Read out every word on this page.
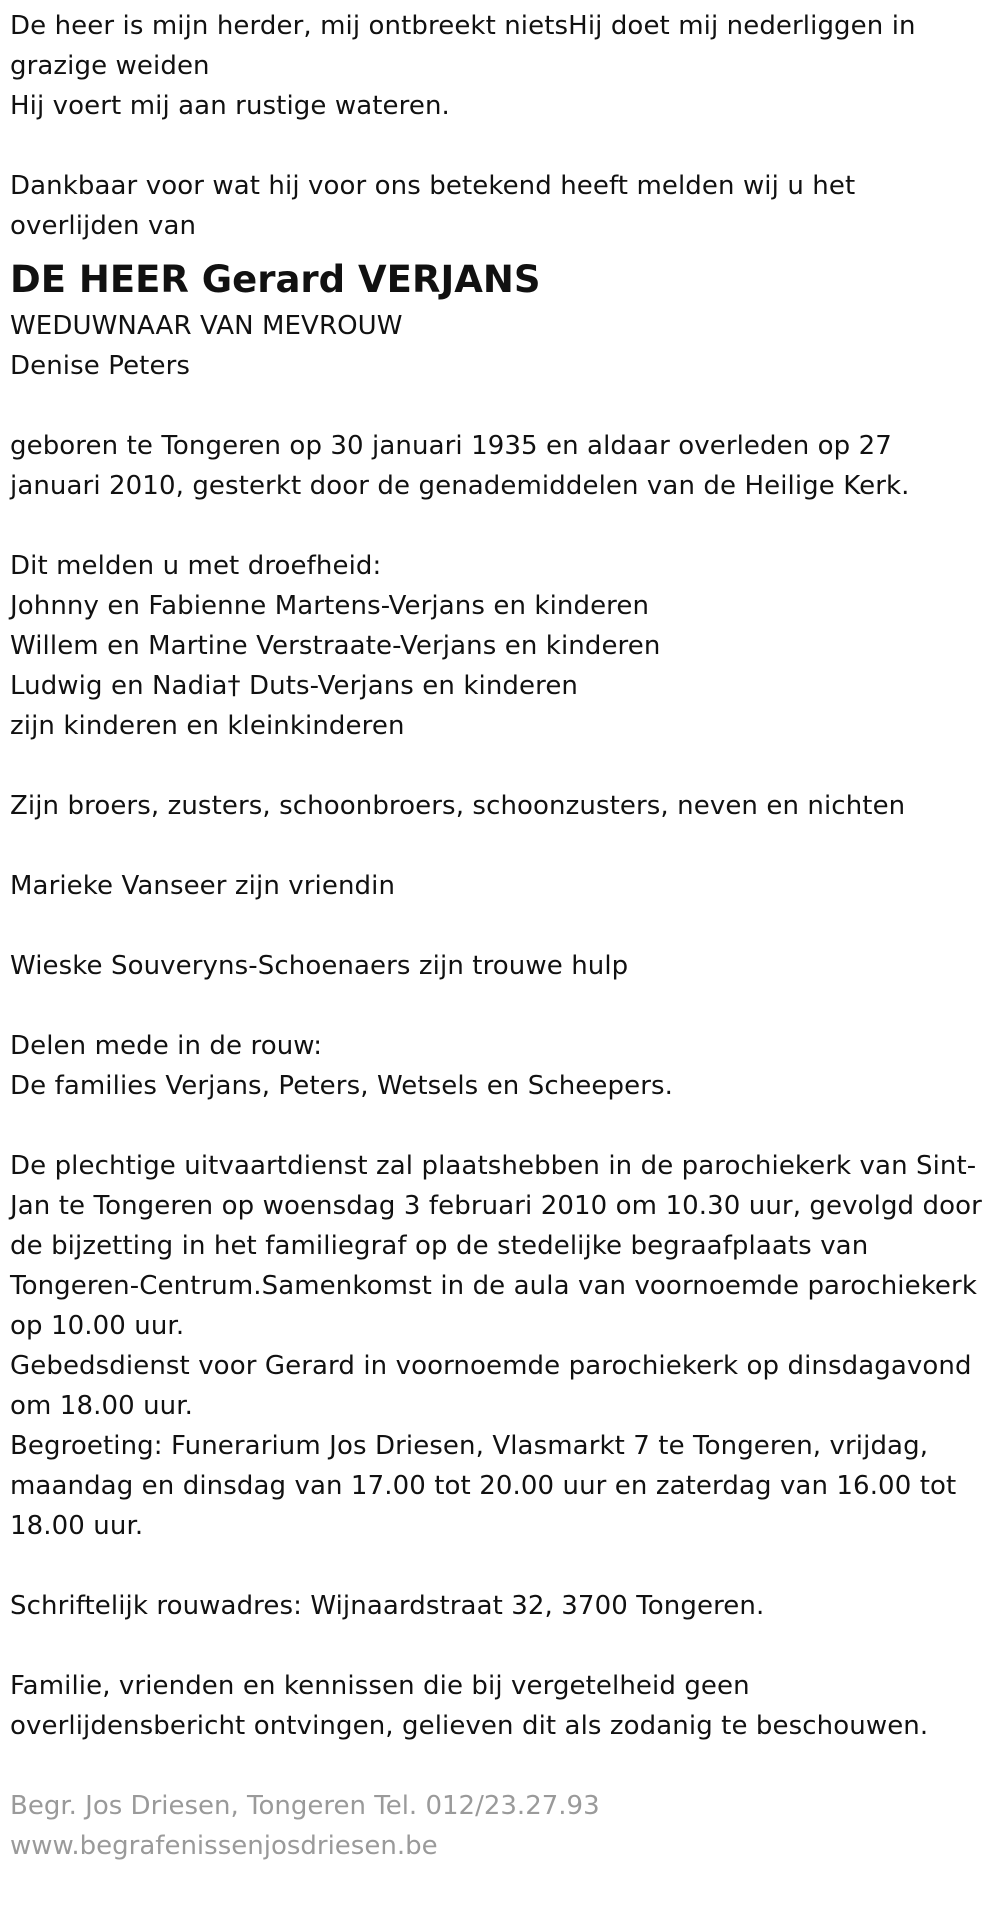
De heer is mijn herder, mij ontbreekt nietsHij doet mij nederliggen in grazige weiden
Hij voert mij aan rustige wateren.
Dankbaar voor wat hij voor ons betekend heeft melden wij u het overlijden van
DE HEER Gerard VERJANS
WEDUWNAAR VAN MEVROUW
Denise Peters
geboren te Tongeren op 30 januari 1935 en aldaar overleden op 27 januari 2010, gesterkt door de genademiddelen van de Heilige Kerk.
Dit melden u met droefheid:
Johnny en Fabienne Martens-Verjans en kinderen
Willem en Martine Verstraate-Verjans en kinderen
Ludwig en Nadia† Duts-Verjans en kinderen
zijn kinderen en kleinkinderen
Zijn broers, zusters, schoonbroers, schoonzusters, neven en nichten
Marieke Vanseer zijn vriendin
Wieske Souveryns-Schoenaers zijn trouwe hulp
Delen mede in de rouw:
De families Verjans, Peters, Wetsels en Scheepers.
De plechtige uitvaartdienst zal plaatshebben in de parochiekerk van Sint-Jan te Tongeren op woensdag 3 februari 2010 om 10.30 uur, gevolgd door de bijzetting in het familiegraf op de stedelijke begraafplaats van Tongeren-Centrum.Samenkomst in de aula van voornoemde parochiekerk op 10.00 uur.
Gebedsdienst voor Gerard in voornoemde parochiekerk op dinsdagavond om 18.00 uur.
Begroeting: Funerarium Jos Driesen, Vlasmarkt 7 te Tongeren, vrijdag, maandag en dinsdag van 17.00 tot 20.00 uur en zaterdag van 16.00 tot 18.00 uur.
Schriftelijk rouwadres: Wijnaardstraat 32, 3700 Tongeren.
Familie, vrienden en kennissen die bij vergetelheid geen overlijdensbericht ontvingen, gelieven dit als zodanig te beschouwen.
Begr. Jos Driesen, Tongeren Tel. 012/23.27.93
www.begrafenissenjosdriesen.be
